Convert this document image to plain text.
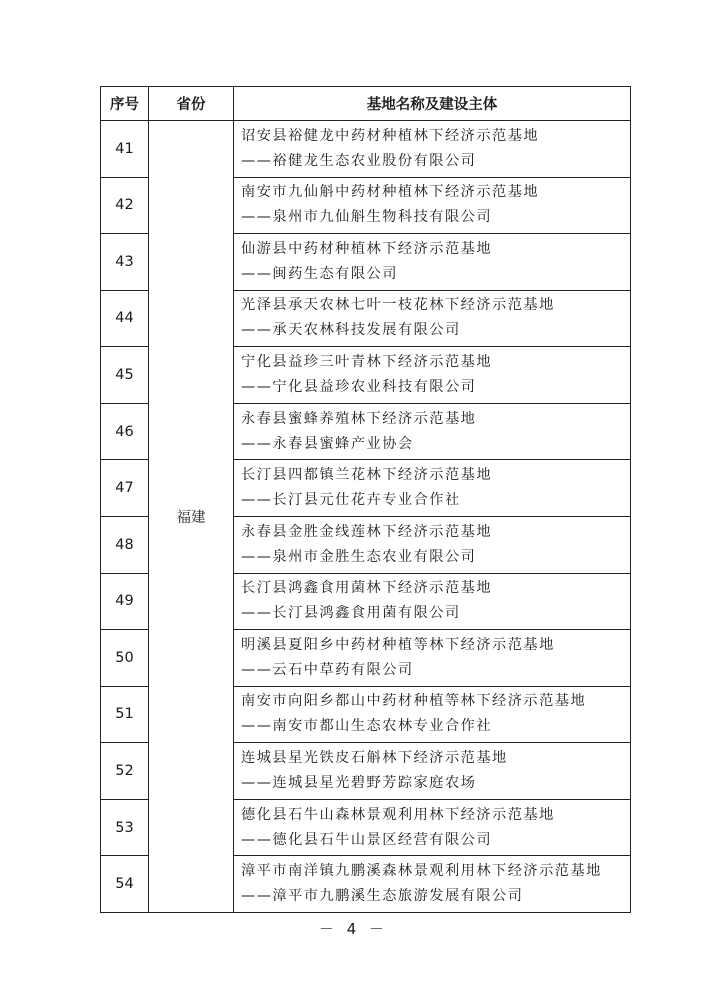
序号	省份	基地名称及建设主体
41	福建	诏安县裕健龙中药材种植林下经济示范基地
——裕健龙生态农业股份有限公司

42		南安市九仙斛中药材种植林下经济示范基地
——泉州市九仙斛生物科技有限公司

43		仙游县中药材种植林下经济示范基地
——闽药生态有限公司

44		光泽县承天农林七叶一枝花林下经济示范基地
——承天农林科技发展有限公司

45		宁化县益珍三叶青林下经济示范基地
——宁化县益珍农业科技有限公司

46		永春县蜜蜂养殖林下经济示范基地
——永春县蜜蜂产业协会

47		长汀县四都镇兰花林下经济示范基地
——长汀县元仕花卉专业合作社

48		永春县金胜金线莲林下经济示范基地
——泉州市金胜生态农业有限公司

49		长汀县鸿鑫食用菌林下经济示范基地
——长汀县鸿鑫食用菌有限公司

50		明溪县夏阳乡中药材种植等林下经济示范基地
——云石中草药有限公司

51		南安市向阳乡都山中药材种植等林下经济示范基地
——南安市都山生态农林专业合作社

52		连城县星光铁皮石斛林下经济示范基地
——连城县星光碧野芳踪家庭农场

53		德化县石牛山森林景观利用林下经济示范基地
——德化县石牛山景区经营有限公司

54		漳平市南洋镇九鹏溪森林景观利用林下经济示范基地
——漳平市九鹏溪生态旅游发展有限公司
－ 4 －
